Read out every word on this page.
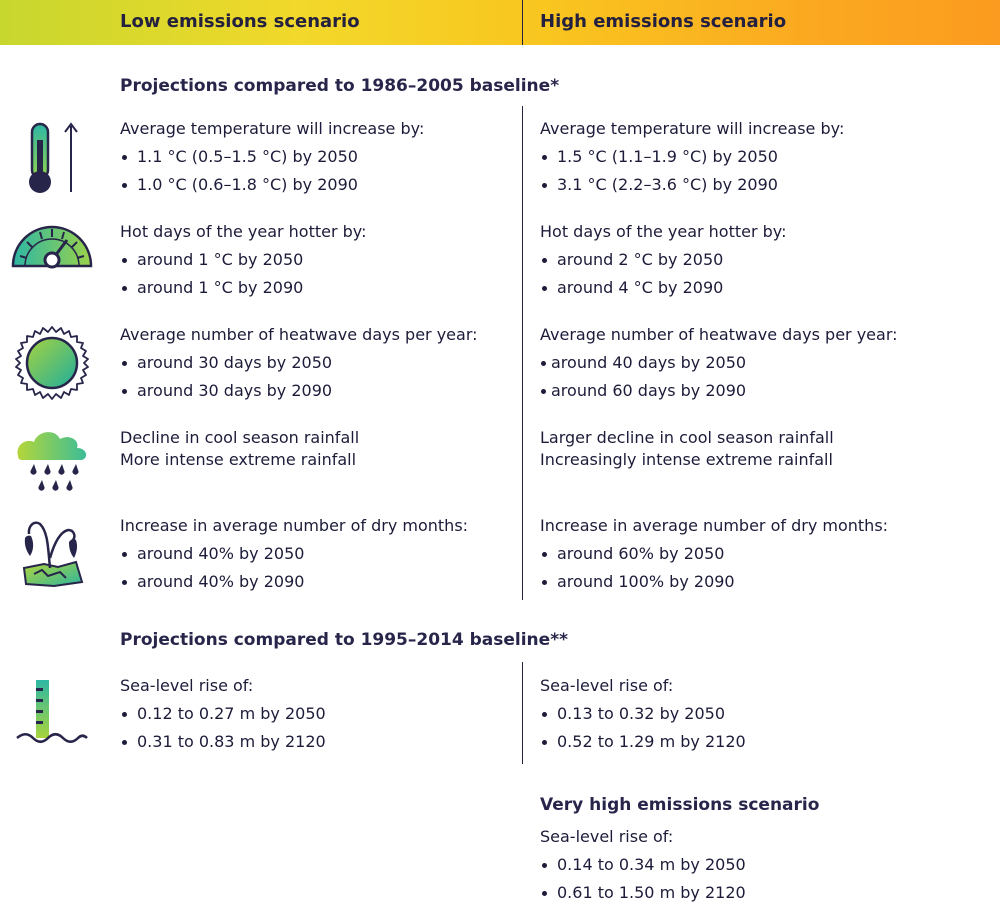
Low emissions scenario	High emissions scenario
Projections compared to 1986–2005 baseline*

Average temperature will increase by:

1.1 °C (0.5–1.5 °C) by 2050
1.0 °C (0.6–1.8 °C) by 2090

Average temperature will increase by:

1.5 °C (1.1–1.9 °C) by 2050
3.1 °C (2.2–3.6 °C) by 2090

Hot days of the year hotter by:

around 1 °C by 2050
around 1 °C by 2090

Hot days of the year hotter by:

around 2 °C by 2050
around 4 °C by 2090

Average number of heatwave days per year:

around 30 days by 2050
around 30 days by 2090

Average number of heatwave days per year:

around 40 days by 2050
around 60 days by 2090
Decline in cool season rainfall
More intense extreme rainfall
Larger decline in cool season rainfall
Increasingly intense extreme rainfall

Increase in average number of dry months:

around 40% by 2050
around 40% by 2090

Increase in average number of dry months:

around 60% by 2050
around 100% by 2090
Projections compared to 1995–2014 baseline**

Sea-level rise of:

0.12 to 0.27 m by 2050
0.31 to 0.83 m by 2120

Sea-level rise of:

0.13 to 0.32 by 2050
0.52 to 1.29 m by 2120
Very high emissions scenario

Sea-level rise of:

0.14 to 0.34 m by 2050
0.61 to 1.50 m by 2120
